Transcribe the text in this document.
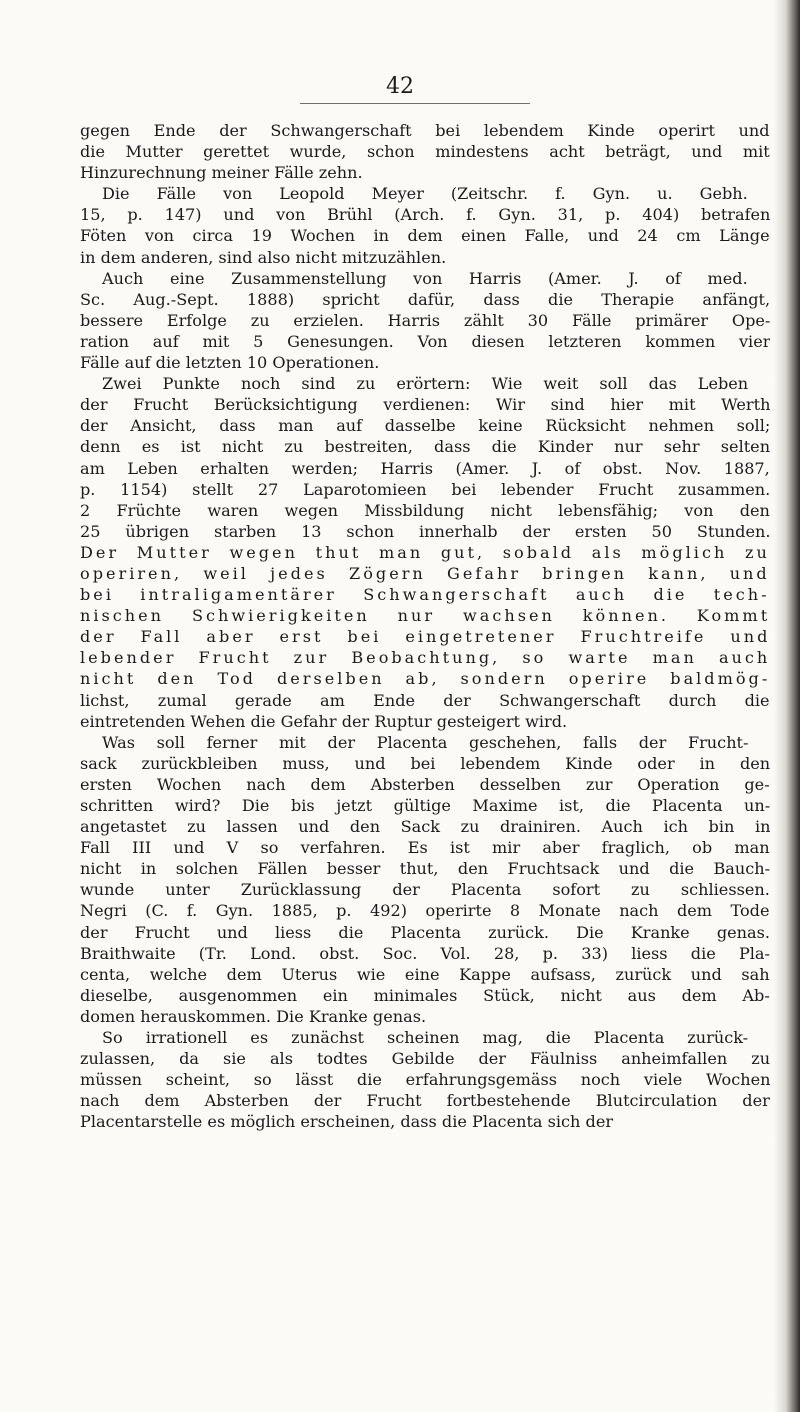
42
gegen Ende der Schwangerschaft bei lebendem Kinde operirt und
die Mutter gerettet wurde, schon mindestens acht beträgt, und mit
Hinzurechnung meiner Fälle zehn.
Die Fälle von Leopold Meyer (Zeitschr. f. Gyn. u. Gebh.
15, p. 147) und von Brühl (Arch. f. Gyn. 31, p. 404) betrafen
Föten von circa 19 Wochen in dem einen Falle, und 24 cm Länge
in dem anderen, sind also nicht mitzuzählen.
Auch eine Zusammenstellung von Harris (Amer. J. of med.
Sc. Aug.-Sept. 1888) spricht dafür, dass die Therapie anfängt,
bessere Erfolge zu erzielen. Harris zählt 30 Fälle primärer Ope-
ration auf mit 5 Genesungen. Von diesen letzteren kommen vier
Fälle auf die letzten 10 Operationen.
Zwei Punkte noch sind zu erörtern: Wie weit soll das Leben
der Frucht Berücksichtigung verdienen: Wir sind hier mit Werth
der Ansicht, dass man auf dasselbe keine Rücksicht nehmen soll;
denn es ist nicht zu bestreiten, dass die Kinder nur sehr selten
am Leben erhalten werden; Harris (Amer. J. of obst. Nov. 1887,
p. 1154) stellt 27 Laparotomieen bei lebender Frucht zusammen.
2 Früchte waren wegen Missbildung nicht lebensfähig; von den
25 übrigen starben 13 schon innerhalb der ersten 50 Stunden.
Der Mutter wegen thut man gut, sobald als möglich zu
operiren, weil jedes Zögern Gefahr bringen kann, und
bei intraligamentärer Schwangerschaft auch die tech-
nischen Schwierigkeiten nur wachsen können. Kommt
der Fall aber erst bei eingetretener Fruchtreife und
lebender Frucht zur Beobachtung, so warte man auch
nicht den Tod derselben ab, sondern operire baldmög-
lichst, zumal gerade am Ende der Schwangerschaft durch die
eintretenden Wehen die Gefahr der Ruptur gesteigert wird.
Was soll ferner mit der Placenta geschehen, falls der Frucht-
sack zurückbleiben muss, und bei lebendem Kinde oder in den
ersten Wochen nach dem Absterben desselben zur Operation ge-
schritten wird? Die bis jetzt gültige Maxime ist, die Placenta un-
angetastet zu lassen und den Sack zu drainiren. Auch ich bin in
Fall III und V so verfahren. Es ist mir aber fraglich, ob man
nicht in solchen Fällen besser thut, den Fruchtsack und die Bauch-
wunde unter Zurücklassung der Placenta sofort zu schliessen.
Negri (C. f. Gyn. 1885, p. 492) operirte 8 Monate nach dem Tode
der Frucht und liess die Placenta zurück. Die Kranke genas.
Braithwaite (Tr. Lond. obst. Soc. Vol. 28, p. 33) liess die Pla-
centa, welche dem Uterus wie eine Kappe aufsass, zurück und sah
dieselbe, ausgenommen ein minimales Stück, nicht aus dem Ab-
domen herauskommen. Die Kranke genas.
So irrationell es zunächst scheinen mag, die Placenta zurück-
zulassen, da sie als todtes Gebilde der Fäulniss anheimfallen zu
müssen scheint, so lässt die erfahrungsgemäss noch viele Wochen
nach dem Absterben der Frucht fortbestehende Blutcirculation der
Placentarstelle es möglich erscheinen, dass die Placenta sich der
